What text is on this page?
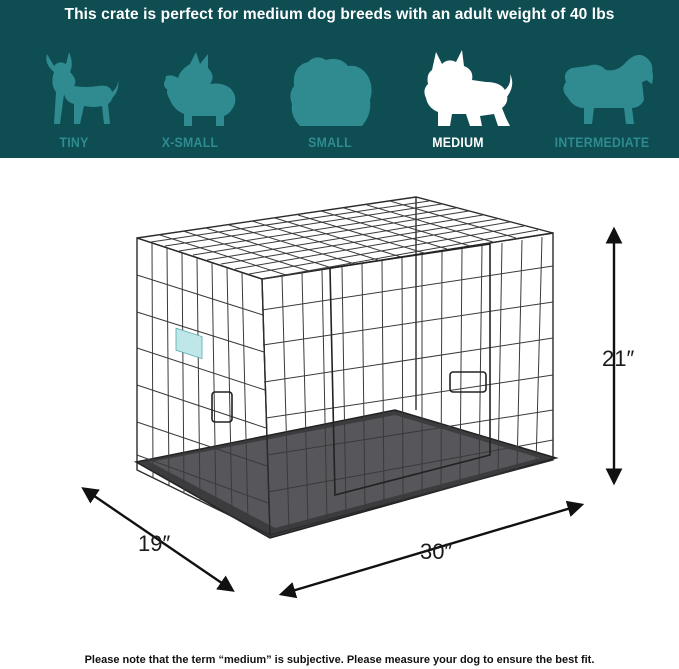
This crate is perfect for medium dog breeds with an adult weight of 40 lbs
TINY	X-SMALL	SMALL	MEDIUM	INTERMEDIATE
21″
19″	30″
Please note that the term “medium” is subjective. Please measure your dog to ensure the best fit.
